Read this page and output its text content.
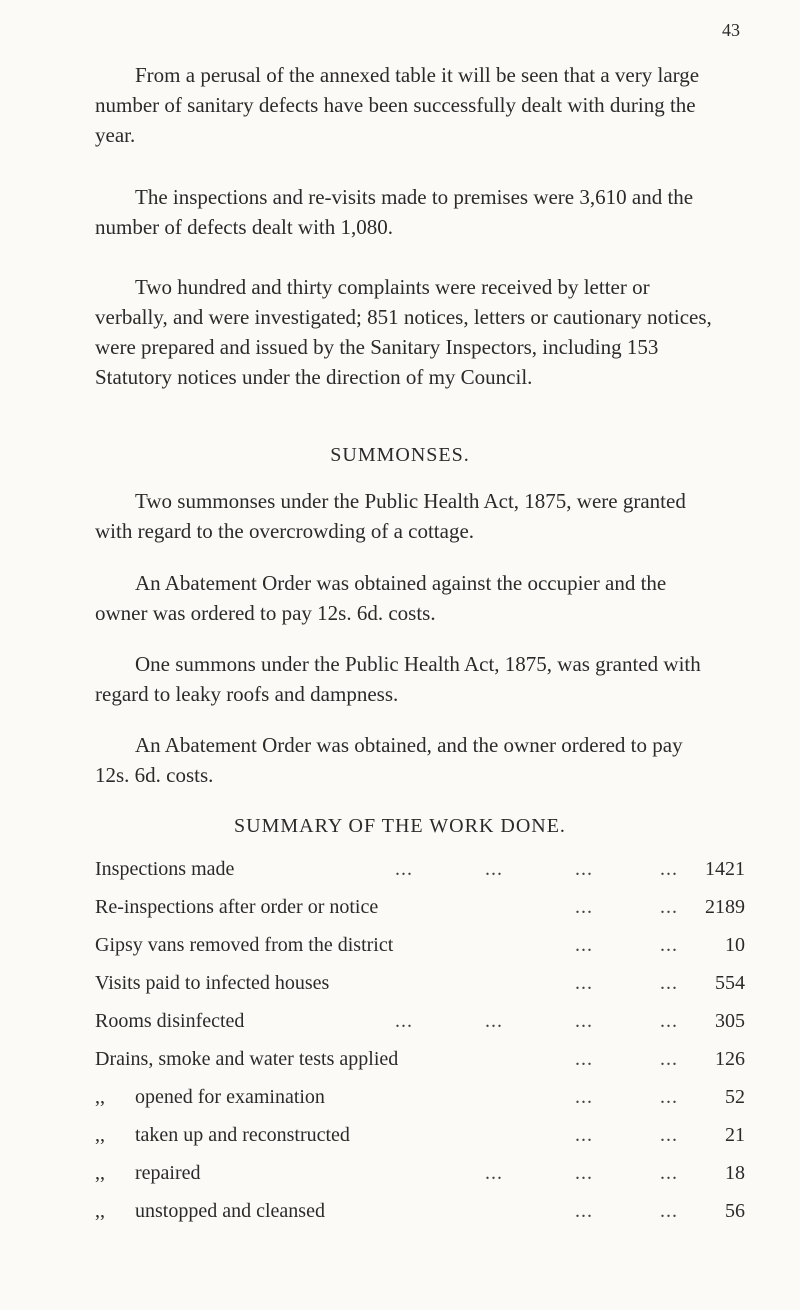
43
From a perusal of the annexed table it will be seen that a very large number of sanitary defects have been successfully dealt with during the year.
The inspections and re-visits made to premises were 3,610 and the number of defects dealt with 1,080.
Two hundred and thirty complaints were received by letter or verbally, and were investigated; 851 notices, letters or cautionary notices, were prepared and issued by the Sanitary Inspectors, including 153 Statutory notices under the direction of my Council.
SUMMONSES.
Two summonses under the Public Health Act, 1875, were granted with regard to the overcrowding of a cottage.
An Abatement Order was obtained against the occupier and the owner was ordered to pay 12s. 6d. costs.
One summons under the Public Health Act, 1875, was granted with regard to leaky roofs and dampness.
An Abatement Order was obtained, and the owner ordered to pay 12s. 6d. costs.
SUMMARY OF THE WORK DONE.
Inspections made	...	...	...	...	1421
Re-inspections after order or notice	...	...	2189
Gipsy vans removed from the district	...	...	10
Visits paid to infected houses	...	...	554
Rooms disinfected	...	...	...	...	305
Drains, smoke and water tests applied	...	...	126
,, opened for examination	...	...	52
,, taken up and reconstructed	...	...	21
,, repaired	...	...	...	18
,, unstopped and cleansed	...	...	56
